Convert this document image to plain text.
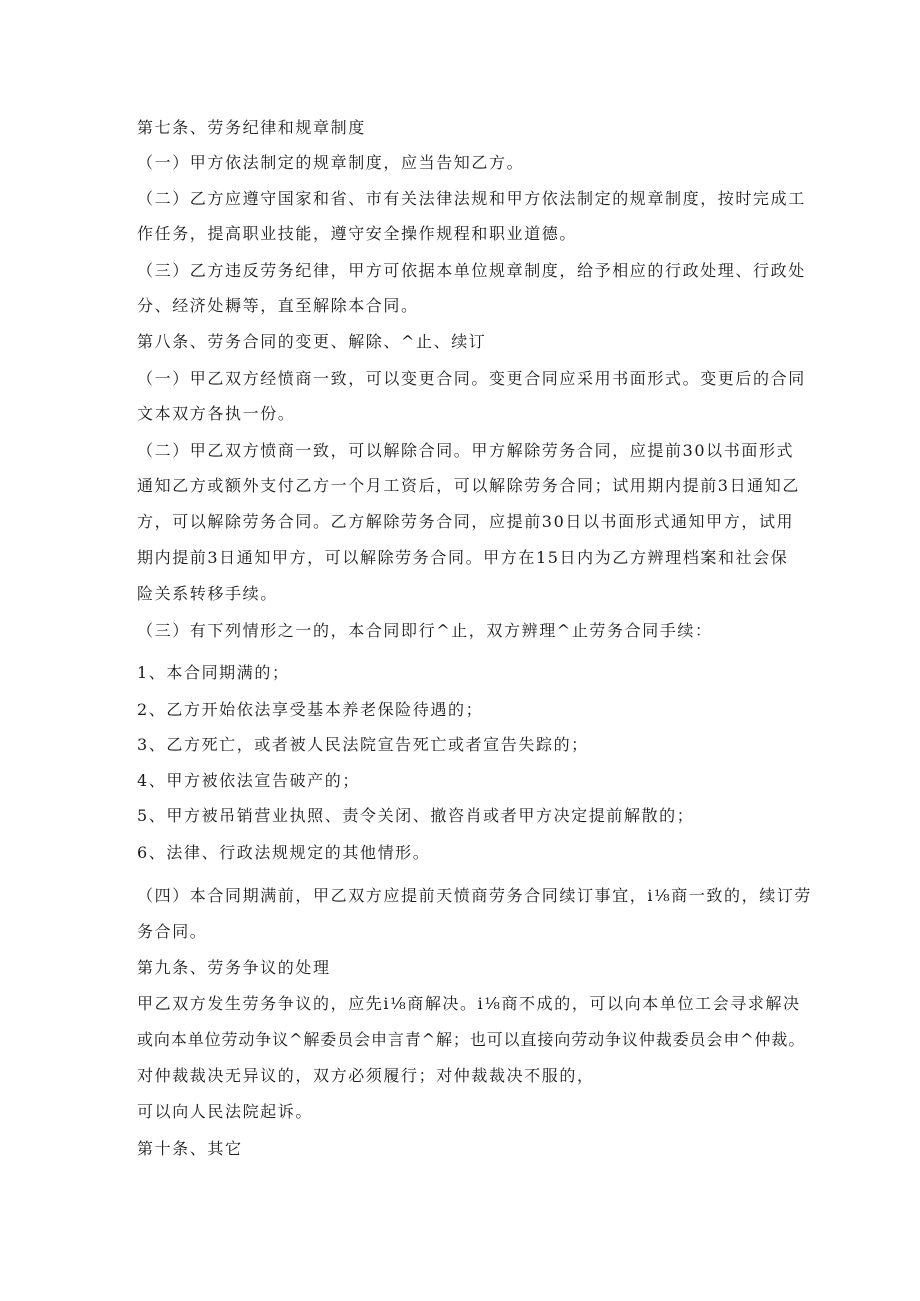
第七条、劳务纪律和规章制度
（一）甲方依法制定的规章制度，应当告知乙方。
（二）乙方应遵守国家和省、市有关法律法规和甲方依法制定的规章制度，按时完成工
作任务，提高职业技能，遵守安全操作规程和职业道德。
（三）乙方违反劳务纪律，甲方可依据本单位规章制度，给予相应的行政处理、行政处
分、经济处耨等，直至解除本合同。
第八条、劳务合同的变更、解除、^止、续订
（一）甲乙双方经愤商一致，可以变更合同。变更合同应采用书面形式。变更后的合同
文本双方各执一份。
（二）甲乙双方愤商一致，可以解除合同。甲方解除劳务合同，应提前30以书面形式
通知乙方或额外支付乙方一个月工资后，可以解除劳务合同；试用期内提前3日通知乙
方，可以解除劳务合同。乙方解除劳务合同，应提前30日以书面形式通知甲方，试用
期内提前3日通知甲方，可以解除劳务合同。甲方在15日内为乙方辨理档案和社会保
险关系转移手续。
（三）有下列情形之一的，本合同即行^止，双方辨理^止劳务合同手续：
1、本合同期满的；
2、乙方开始依法享受基本养老保险待遇的；
3、乙方死亡，或者被人民法院宣告死亡或者宣告失踪的；
4、甲方被依法宣告破产的；
5、甲方被吊销营业执照、责令关闭、撤咨肖或者甲方决定提前解散的；
6、法律、行政法规规定的其他情形。
（四）本合同期满前，甲乙双方应提前天愤商劳务合同续订事宜，i⅛商一致的，续订劳
务合同。
第九条、劳务争议的处理
甲乙双方发生劳务争议的，应先i⅛商解决。i⅛商不成的，可以向本单位工会寻求解决
或向本单位劳动争议^解委员会申言青^解；也可以直接向劳动争议仲裁委员会申^仲裁。
对仲裁裁决无异议的，双方必须履行；对仲裁裁决不服的，
可以向人民法院起诉。
第十条、其它
